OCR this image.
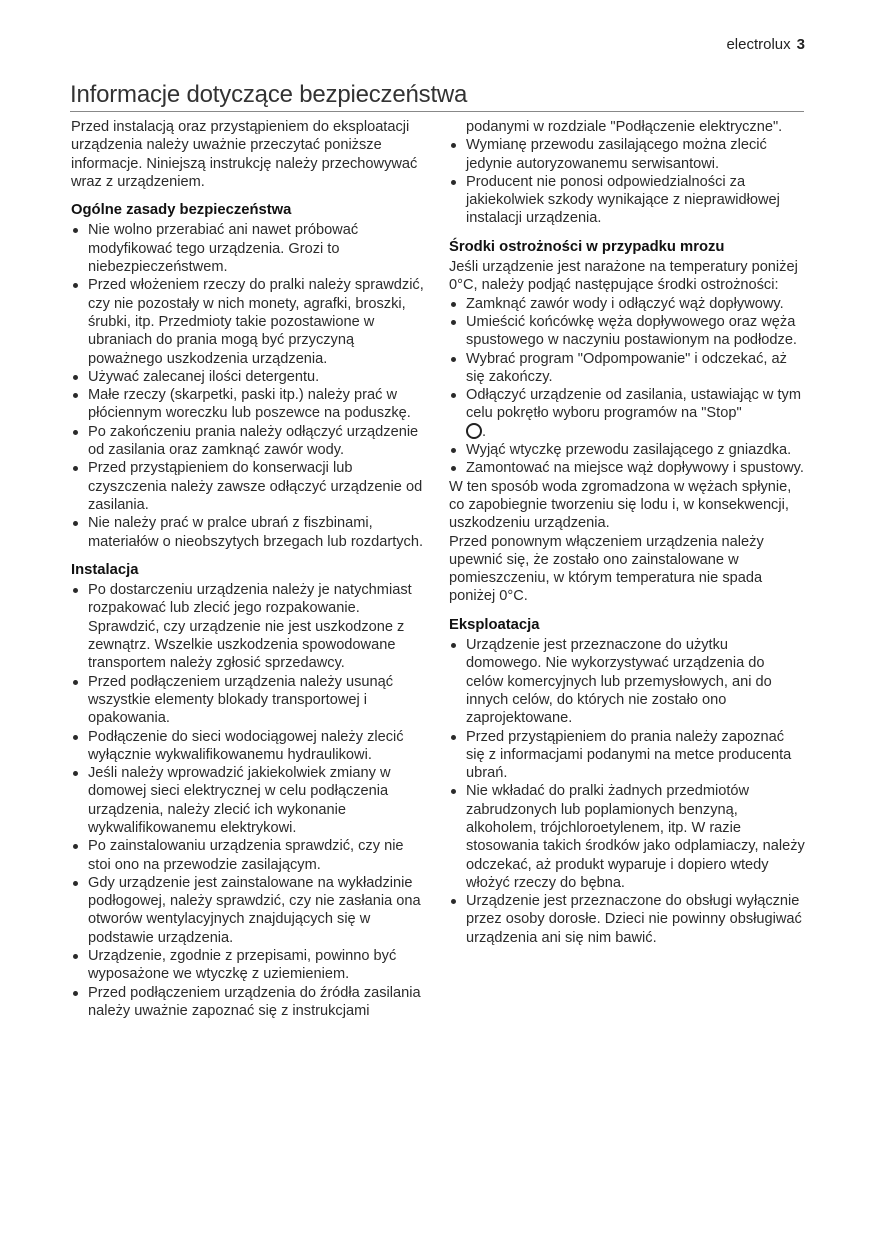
electrolux 3
Informacje dotyczące bezpieczeństwa

Przed instalacją oraz przystąpieniem do eksploatacji urządzenia należy uważnie przeczytać poniższe informacje. Niniejszą instrukcję należy przechowywać wraz z urządzeniem.

Ogólne zasady bezpieczeństwa
Nie wolno przerabiać ani nawet próbować modyfikować tego urządzenia. Grozi to niebezpieczeństwem.
Przed włożeniem rzeczy do pralki należy sprawdzić, czy nie pozostały w nich monety, agrafki, broszki, śrubki, itp. Przedmioty takie pozostawione w ubraniach do prania mogą być przyczyną poważnego uszkodzenia urządzenia.
Używać zalecanej ilości detergentu.
Małe rzeczy (skarpetki, paski itp.) należy prać w płóciennym woreczku lub poszewce na poduszkę.
Po zakończeniu prania należy odłączyć urządzenie od zasilania oraz zamknąć zawór wody.
Przed przystąpieniem do konserwacji lub czyszczenia należy zawsze odłączyć urządzenie od zasilania.
Nie należy prać w pralce ubrań z fiszbinami, materiałów o nieobszytych brzegach lub rozdartych.
Instalacja
Po dostarczeniu urządzenia należy je natychmiast rozpakować lub zlecić jego rozpakowanie. Sprawdzić, czy urządzenie nie jest uszkodzone z zewnątrz. Wszelkie uszkodzenia spowodowane transportem należy zgłosić sprzedawcy.
Przed podłączeniem urządzenia należy usunąć wszystkie elementy blokady transportowej i opakowania.
Podłączenie do sieci wodociągowej należy zlecić wyłącznie wykwalifikowanemu hydraulikowi.
Jeśli należy wprowadzić jakiekolwiek zmiany w domowej sieci elektrycznej w celu podłączenia urządzenia, należy zlecić ich wykonanie wykwalifikowanemu elektrykowi.
Po zainstalowaniu urządzenia sprawdzić, czy nie stoi ono na przewodzie zasilającym.
Gdy urządzenie jest zainstalowane na wykładzinie podłogowej, należy sprawdzić, czy nie zasłania ona otworów wentylacyjnych znajdujących się w podstawie urządzenia.
Urządzenie, zgodnie z przepisami, powinno być wyposażone we wtyczkę z uziemieniem.
Przed podłączeniem urządzenia do źródła zasilania należy uważnie zapoznać się z instrukcjami

podanymi w rozdziale "Podłączenie elektryczne".

Wymianę przewodu zasilającego można zlecić jedynie autoryzowanemu serwisantowi.
Producent nie ponosi odpowiedzialności za jakiekolwiek szkody wynikające z nieprawidłowej instalacji urządzenia.
Środki ostrożności w przypadku mrozu

Jeśli urządzenie jest narażone na temperatury poniżej 0°C, należy podjąć następujące środki ostrożności:

Zamknąć zawór wody i odłączyć wąż dopływowy.
Umieścić końcówkę węża dopływowego oraz węża spustowego w naczyniu postawionym na podłodze.
Wybrać program "Odpompowanie" i odczekać, aż się zakończy.
Odłączyć urządzenie od zasilania, ustawiając w tym celu pokrętło wyboru programów na "Stop"
.
Wyjąć wtyczkę przewodu zasilającego z gniazdka.
Zamontować na miejsce wąż dopływowy i spustowy.

W ten sposób woda zgromadzona w wężach spłynie, co zapobiegnie tworzeniu się lodu i, w konsekwencji, uszkodzeniu urządzenia.

Przed ponownym włączeniem urządzenia należy upewnić się, że zostało ono zainstalowane w pomieszczeniu, w którym temperatura nie spada poniżej 0°C.

Eksploatacja
Urządzenie jest przeznaczone do użytku domowego. Nie wykorzystywać urządzenia do celów komercyjnych lub przemysłowych, ani do innych celów, do których nie zostało ono zaprojektowane.
Przed przystąpieniem do prania należy zapoznać się z informacjami podanymi na metce producenta ubrań.
Nie wkładać do pralki żadnych przedmiotów zabrudzonych lub poplamionych benzyną, alkoholem, trójchloroetylenem, itp. W razie stosowania takich środków jako odplamiaczy, należy odczekać, aż produkt wyparuje i dopiero wtedy włożyć rzeczy do bębna.
Urządzenie jest przeznaczone do obsługi wyłącznie przez osoby dorosłe. Dzieci nie powinny obsługiwać urządzenia ani się nim bawić.
